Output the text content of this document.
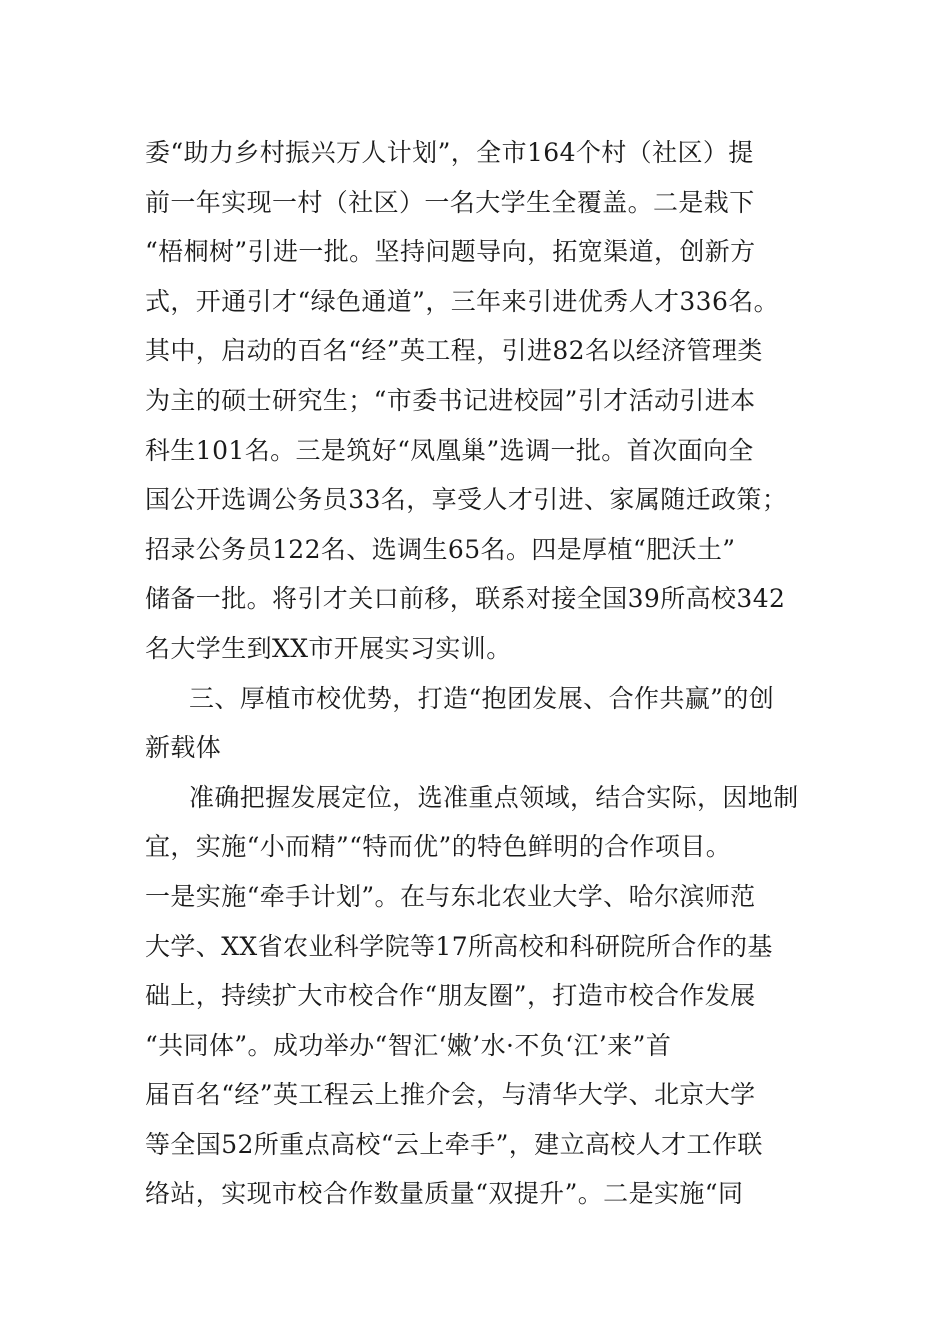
委“助力乡村振兴万人计划”，全市164个村（社区）提
前一年实现一村（社区）一名大学生全覆盖。二是栽下
“梧桐树”引进一批。坚持问题导向，拓宽渠道，创新方
式，开通引才“绿色通道”，三年来引进优秀人才336名。
其中，启动的百名“经”英工程，引进82名以经济管理类
为主的硕士研究生；“市委书记进校园”引才活动引进本
科生101名。三是筑好“凤凰巢”选调一批。首次面向全
国公开选调公务员33名，享受人才引进、家属随迁政策；
招录公务员122名、选调生65名。四是厚植“肥沃土”
储备一批。将引才关口前移，联系对接全国39所高校342
名大学生到XX市开展实习实训。
三、厚植市校优势，打造“抱团发展、合作共赢”的创
新载体
准确把握发展定位，选准重点领域，结合实际，因地制
宜，实施“小而精”“特而优”的特色鲜明的合作项目。
一是实施“牵手计划”。在与东北农业大学、哈尔滨师范
大学、XX省农业科学院等17所高校和科研院所合作的基
础上，持续扩大市校合作“朋友圈”，打造市校合作发展
“共同体”。成功举办“智汇‘嫩’水·不负‘江’来”首
届百名“经”英工程云上推介会，与清华大学、北京大学
等全国52所重点高校“云上牵手”，建立高校人才工作联
络站，实现市校合作数量质量“双提升”。二是实施“同
